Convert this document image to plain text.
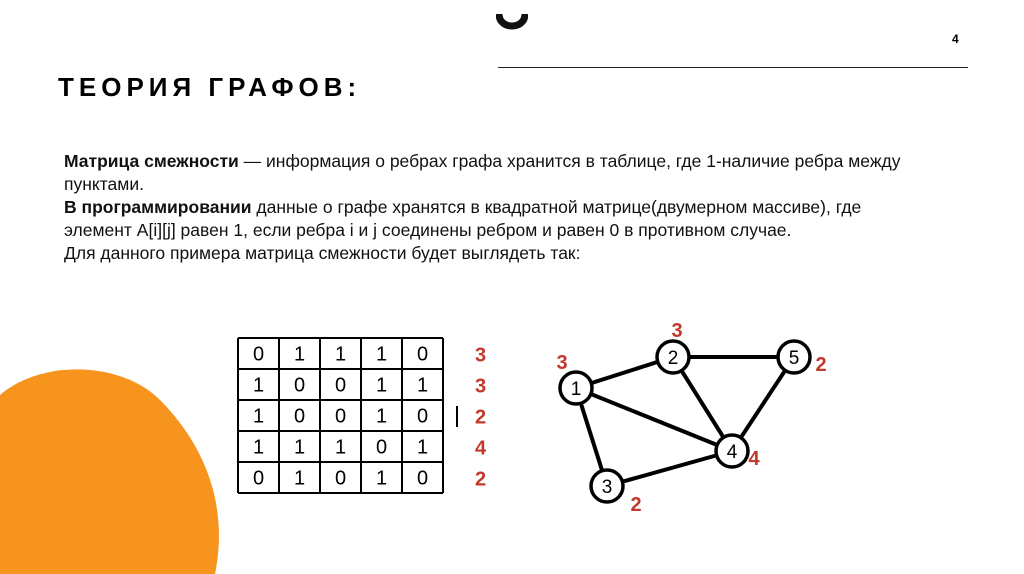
4
ТЕОРИЯ ГРАФОВ:

Матрица смежности — информация о ребрах графа хранится в таблице, где 1-наличие ребра между пунктами.

В программировании данные о графе хранятся в квадратной матрице(двумерном массиве), где элемент А[i][j] равен 1, если ребра i и j соединены ребром и равен 0 в противном случае.

Для данного примера матрица смежности будет выглядеть так:

0 1 1 1 0
1 0 0 1 1
1 0 0 1 0
1 1 1 0 1
0 1 0 1 0
3
3
2
4
2
1
2
3
4
5
3
3
2
4
2
